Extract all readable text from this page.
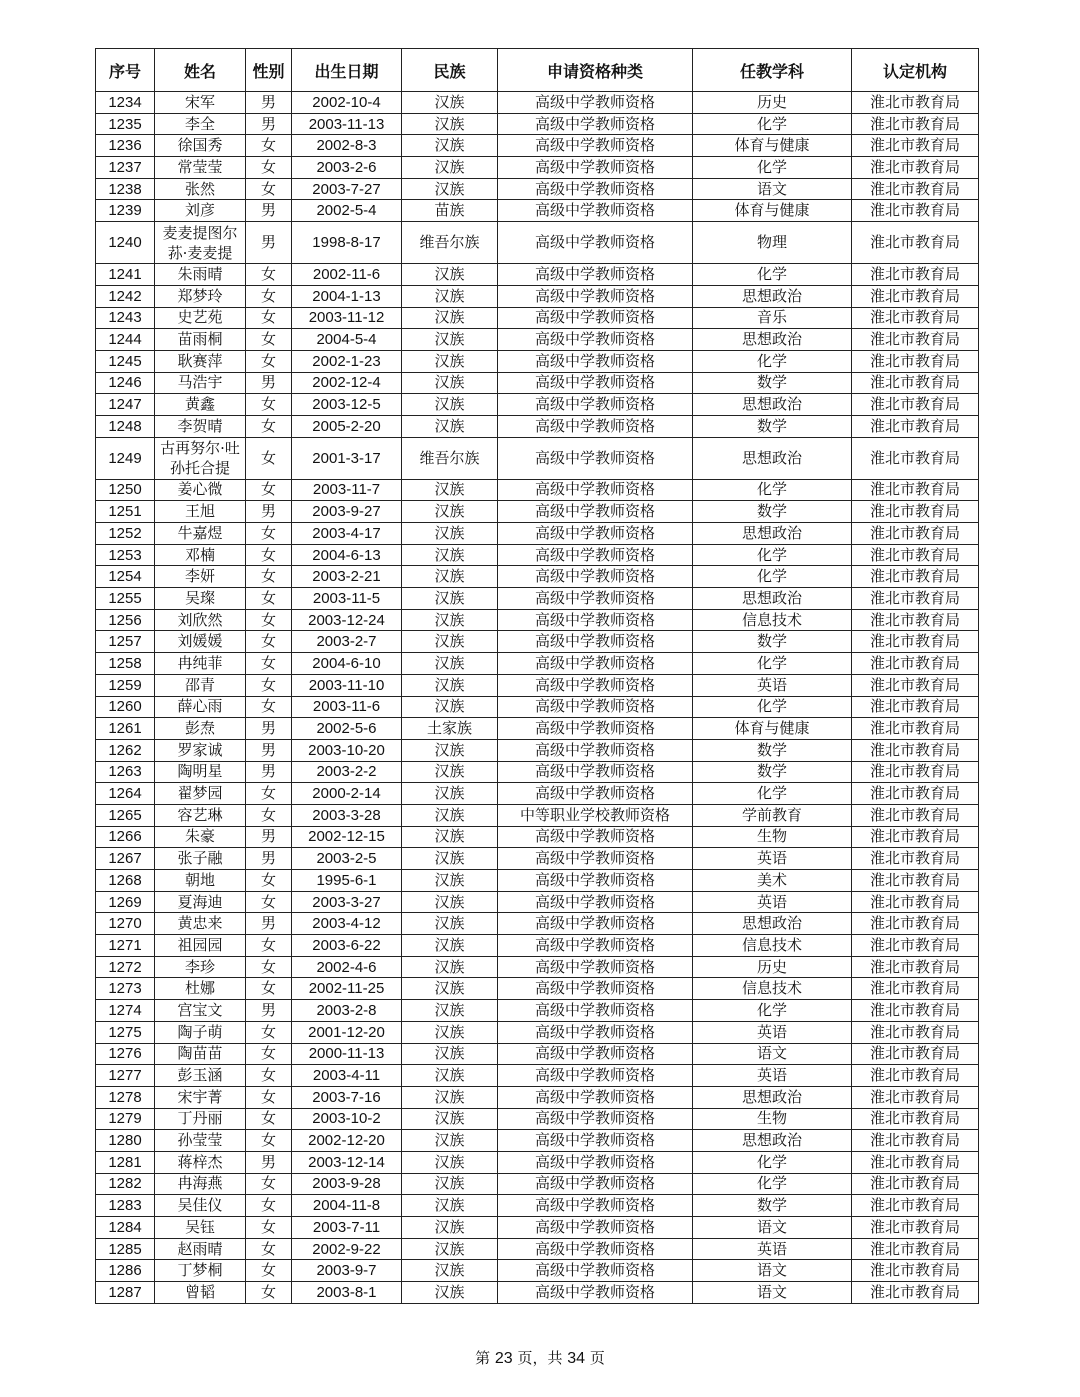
序号	姓名	性别	出生日期	民族	申请资格种类	任教学科	认定机构
1234	宋军	男	2002-10-4	汉族	高级中学教师资格	历史	淮北市教育局
1235	李全	男	2003-11-13	汉族	高级中学教师资格	化学	淮北市教育局
1236	徐国秀	女	2002-8-3	汉族	高级中学教师资格	体育与健康	淮北市教育局
1237	常莹莹	女	2003-2-6	汉族	高级中学教师资格	化学	淮北市教育局
1238	张然	女	2003-7-27	汉族	高级中学教师资格	语文	淮北市教育局
1239	刘彦	男	2002-5-4	苗族	高级中学教师资格	体育与健康	淮北市教育局
1240	麦麦提图尔荪·麦麦提	男	1998-8-17	维吾尔族	高级中学教师资格	物理	淮北市教育局
1241	朱雨晴	女	2002-11-6	汉族	高级中学教师资格	化学	淮北市教育局
1242	郑梦玲	女	2004-1-13	汉族	高级中学教师资格	思想政治	淮北市教育局
1243	史艺苑	女	2003-11-12	汉族	高级中学教师资格	音乐	淮北市教育局
1244	苗雨桐	女	2004-5-4	汉族	高级中学教师资格	思想政治	淮北市教育局
1245	耿赛萍	女	2002-1-23	汉族	高级中学教师资格	化学	淮北市教育局
1246	马浩宇	男	2002-12-4	汉族	高级中学教师资格	数学	淮北市教育局
1247	黄鑫	女	2003-12-5	汉族	高级中学教师资格	思想政治	淮北市教育局
1248	李贺晴	女	2005-2-20	汉族	高级中学教师资格	数学	淮北市教育局
1249	古再努尔·吐孙托合提	女	2001-3-17	维吾尔族	高级中学教师资格	思想政治	淮北市教育局
1250	姜心微	女	2003-11-7	汉族	高级中学教师资格	化学	淮北市教育局
1251	王旭	男	2003-9-27	汉族	高级中学教师资格	数学	淮北市教育局
1252	牛嘉煜	女	2003-4-17	汉族	高级中学教师资格	思想政治	淮北市教育局
1253	邓楠	女	2004-6-13	汉族	高级中学教师资格	化学	淮北市教育局
1254	李妍	女	2003-2-21	汉族	高级中学教师资格	化学	淮北市教育局
1255	吴璨	女	2003-11-5	汉族	高级中学教师资格	思想政治	淮北市教育局
1256	刘欣然	女	2003-12-24	汉族	高级中学教师资格	信息技术	淮北市教育局
1257	刘媛媛	女	2003-2-7	汉族	高级中学教师资格	数学	淮北市教育局
1258	冉纯菲	女	2004-6-10	汉族	高级中学教师资格	化学	淮北市教育局
1259	邵青	女	2003-11-10	汉族	高级中学教师资格	英语	淮北市教育局
1260	薛心雨	女	2003-11-6	汉族	高级中学教师资格	化学	淮北市教育局
1261	彭焘	男	2002-5-6	土家族	高级中学教师资格	体育与健康	淮北市教育局
1262	罗家诚	男	2003-10-20	汉族	高级中学教师资格	数学	淮北市教育局
1263	陶明星	男	2003-2-2	汉族	高级中学教师资格	数学	淮北市教育局
1264	翟梦园	女	2000-2-14	汉族	高级中学教师资格	化学	淮北市教育局
1265	容艺琳	女	2003-3-28	汉族	中等职业学校教师资格	学前教育	淮北市教育局
1266	朱豪	男	2002-12-15	汉族	高级中学教师资格	生物	淮北市教育局
1267	张子融	男	2003-2-5	汉族	高级中学教师资格	英语	淮北市教育局
1268	朝地	女	1995-6-1	汉族	高级中学教师资格	美术	淮北市教育局
1269	夏海迪	女	2003-3-27	汉族	高级中学教师资格	英语	淮北市教育局
1270	黄忠来	男	2003-4-12	汉族	高级中学教师资格	思想政治	淮北市教育局
1271	祖园园	女	2003-6-22	汉族	高级中学教师资格	信息技术	淮北市教育局
1272	李珍	女	2002-4-6	汉族	高级中学教师资格	历史	淮北市教育局
1273	杜娜	女	2002-11-25	汉族	高级中学教师资格	信息技术	淮北市教育局
1274	宫宝文	男	2003-2-8	汉族	高级中学教师资格	化学	淮北市教育局
1275	陶子萌	女	2001-12-20	汉族	高级中学教师资格	英语	淮北市教育局
1276	陶苗苗	女	2000-11-13	汉族	高级中学教师资格	语文	淮北市教育局
1277	彭玉涵	女	2003-4-11	汉族	高级中学教师资格	英语	淮北市教育局
1278	宋宇菁	女	2003-7-16	汉族	高级中学教师资格	思想政治	淮北市教育局
1279	丁丹丽	女	2003-10-2	汉族	高级中学教师资格	生物	淮北市教育局
1280	孙莹莹	女	2002-12-20	汉族	高级中学教师资格	思想政治	淮北市教育局
1281	蒋梓杰	男	2003-12-14	汉族	高级中学教师资格	化学	淮北市教育局
1282	冉海燕	女	2003-9-28	汉族	高级中学教师资格	化学	淮北市教育局
1283	吴佳仪	女	2004-11-8	汉族	高级中学教师资格	数学	淮北市教育局
1284	吴钰	女	2003-7-11	汉族	高级中学教师资格	语文	淮北市教育局
1285	赵雨晴	女	2002-9-22	汉族	高级中学教师资格	英语	淮北市教育局
1286	丁梦桐	女	2003-9-7	汉族	高级中学教师资格	语文	淮北市教育局
1287	曾韬	女	2003-8-1	汉族	高级中学教师资格	语文	淮北市教育局
第 23 页，共 34 页
